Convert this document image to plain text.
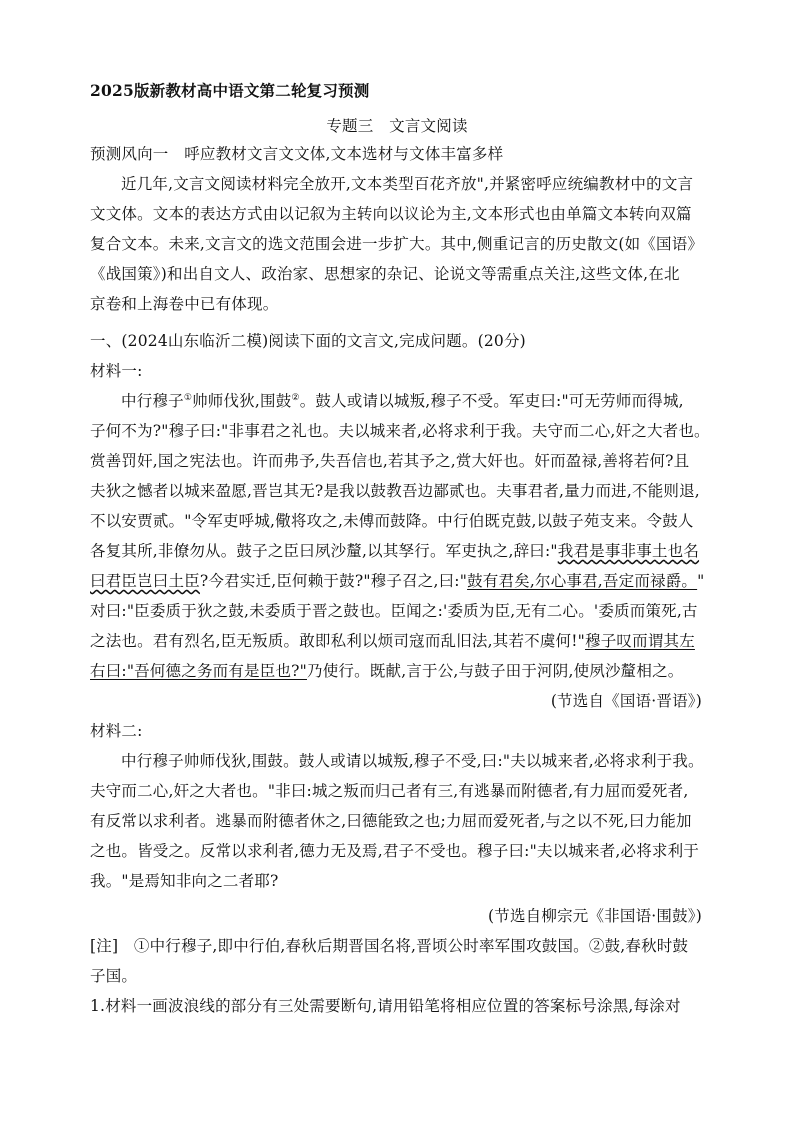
2025版新教材高中语文第二轮复习预测
专题三　文言文阅读
预测风向一　呼应教材文言文文体,文本选材与文体丰富多样
近几年,文言文阅读材料完全放开,文本类型百花齐放",并紧密呼应统编教材中的文言
文文体。文本的表达方式由以记叙为主转向以议论为主,文本形式也由单篇文本转向双篇
复合文本。未来,文言文的选文范围会进一步扩大。其中,侧重记言的历史散文(如《国语》
《战国策》)和出自文人、政治家、思想家的杂记、论说文等需重点关注,这些文体,在北
京卷和上海卷中已有体现。
一、(2024山东临沂二模)阅读下面的文言文,完成问题。(20分)
材料一:
中行穆子①帅师伐狄,围鼓②。鼓人或请以城叛,穆子不受。军吏曰:"可无劳师而得城,
子何不为?"穆子曰:"非事君之礼也。夫以城来者,必将求利于我。夫守而二心,奸之大者也。
赏善罚奸,国之宪法也。许而弗予,失吾信也,若其予之,赏大奸也。奸而盈禄,善将若何?且
夫狄之憾者以城来盈愿,晋岂其无?是我以鼓教吾边鄙贰也。夫事君者,量力而进,不能则退,
不以安贾贰。"令军吏呼城,儆将攻之,未傅而鼓降。中行伯既克鼓,以鼓子苑支来。令鼓人
各复其所,非僚勿从。鼓子之臣曰夙沙釐,以其孥行。军吏执之,辞曰:"我君是事非事土也名
曰君臣岂曰土臣?今君实迁,臣何赖于鼓?"穆子召之,曰:"鼓有君矣,尔心事君,吾定而禄爵。"
对曰:"臣委质于狄之鼓,未委质于晋之鼓也。臣闻之:'委质为臣,无有二心。'委质而策死,古
之法也。君有烈名,臣无叛质。敢即私利以烦司寇而乱旧法,其若不虞何!"穆子叹而谓其左
右曰:"吾何德之务而有是臣也?"乃使行。既献,言于公,与鼓子田于河阴,使夙沙釐相之。
(节选自《国语·晋语》)
材料二:
中行穆子帅师伐狄,围鼓。鼓人或请以城叛,穆子不受,曰:"夫以城来者,必将求利于我。
夫守而二心,奸之大者也。"非曰:城之叛而归己者有三,有逃暴而附德者,有力屈而爱死者,
有反常以求利者。逃暴而附德者休之,曰德能致之也;力屈而爱死者,与之以不死,曰力能加
之也。皆受之。反常以求利者,德力无及焉,君子不受也。穆子曰:"夫以城来者,必将求利于
我。"是焉知非向之二者耶?
(节选自柳宗元《非国语·围鼓》)
[注]　①中行穆子,即中行伯,春秋后期晋国名将,晋顷公时率军围攻鼓国。②鼓,春秋时鼓
子国。
1.材料一画波浪线的部分有三处需要断句,请用铅笔将相应位置的答案标号涂黑,每涂对
